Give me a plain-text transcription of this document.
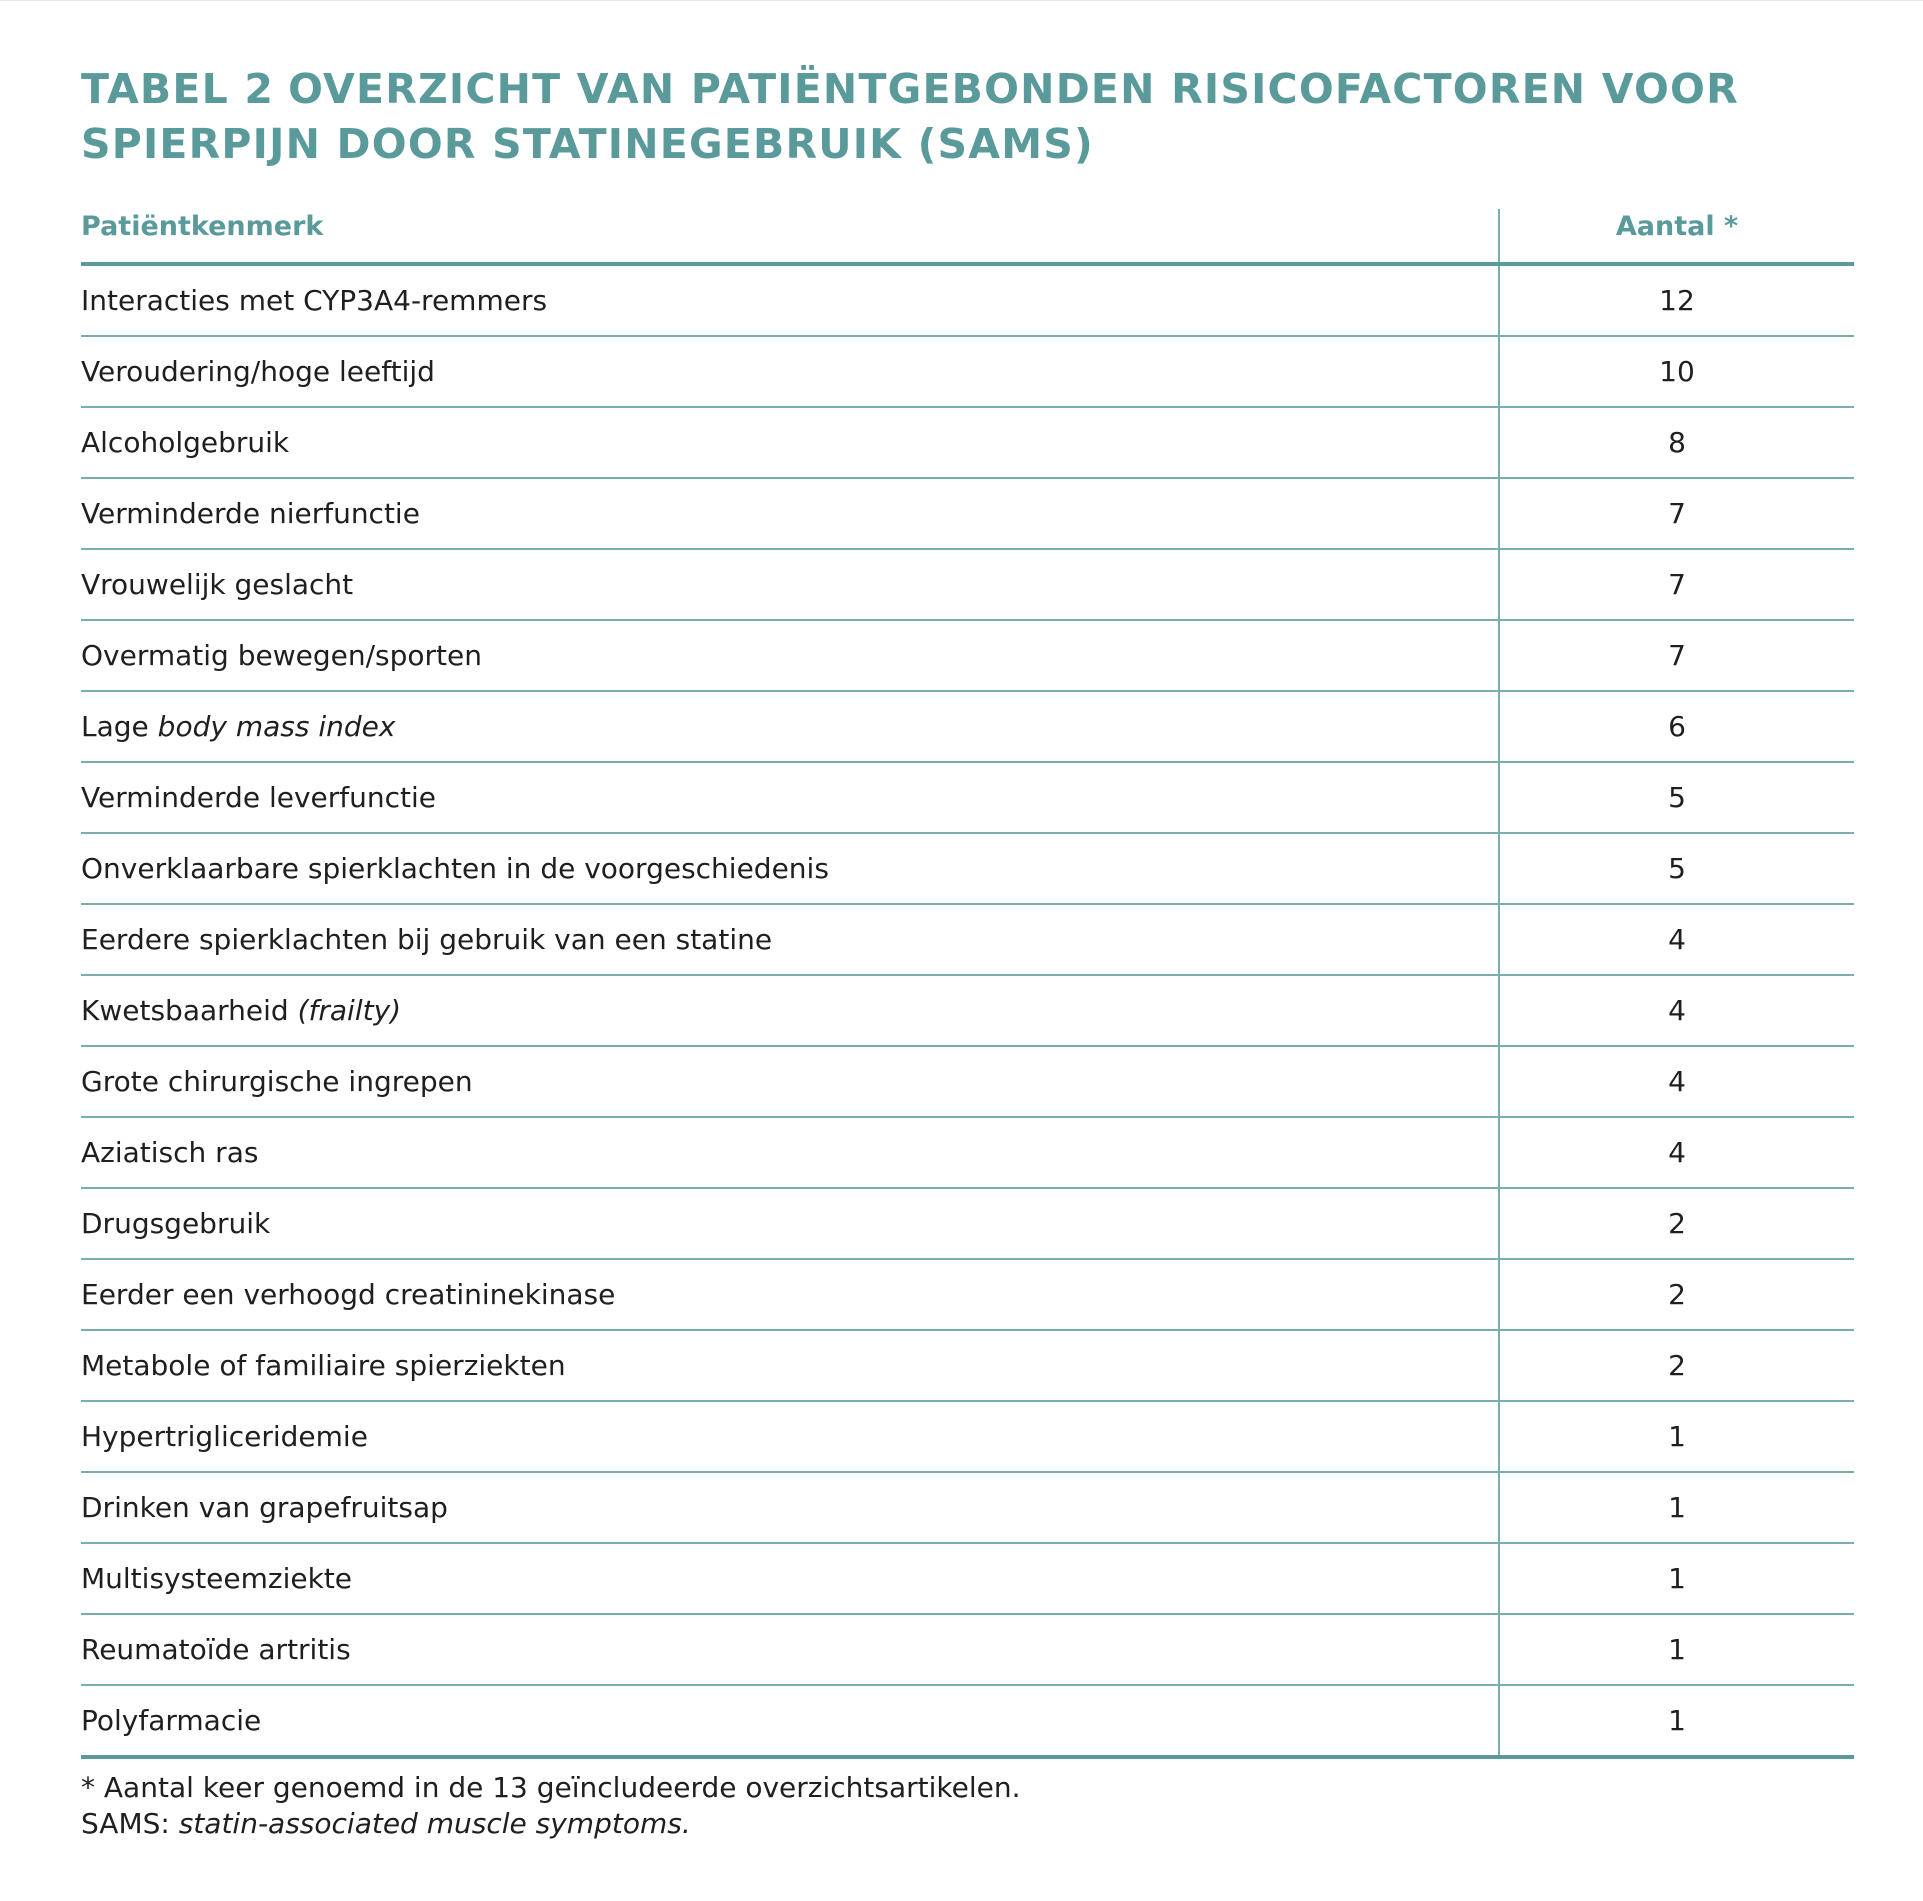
TABEL 2 OVERZICHT VAN PATIËNTGEBONDEN RISICOFACTOREN VOOR
SPIERPIJN DOOR STATINEGEBRUIK (SAMS)
Patiëntkenmerk	Aantal *
Interacties met CYP3A4-remmers	12
Veroudering/hoge leeftijd	10
Alcoholgebruik	8
Verminderde nierfunctie	7
Vrouwelijk geslacht	7
Overmatig bewegen/sporten	7
Lage body mass index	6
Verminderde leverfunctie	5
Onverklaarbare spierklachten in de voorgeschiedenis	5
Eerdere spierklachten bij gebruik van een statine	4
Kwetsbaarheid (frailty)	4
Grote chirurgische ingrepen	4
Aziatisch ras	4
Drugsgebruik	2
Eerder een verhoogd creatininekinase	2
Metabole of familiaire spierziekten	2
Hypertrigliceridemie	1
Drinken van grapefruitsap	1
Multisysteemziekte	1
Reumatoïde artritis	1
Polyfarmacie	1

* Aantal keer genoemd in de 13 geïncludeerde overzichtsartikelen.

SAMS: statin-associated muscle symptoms.
